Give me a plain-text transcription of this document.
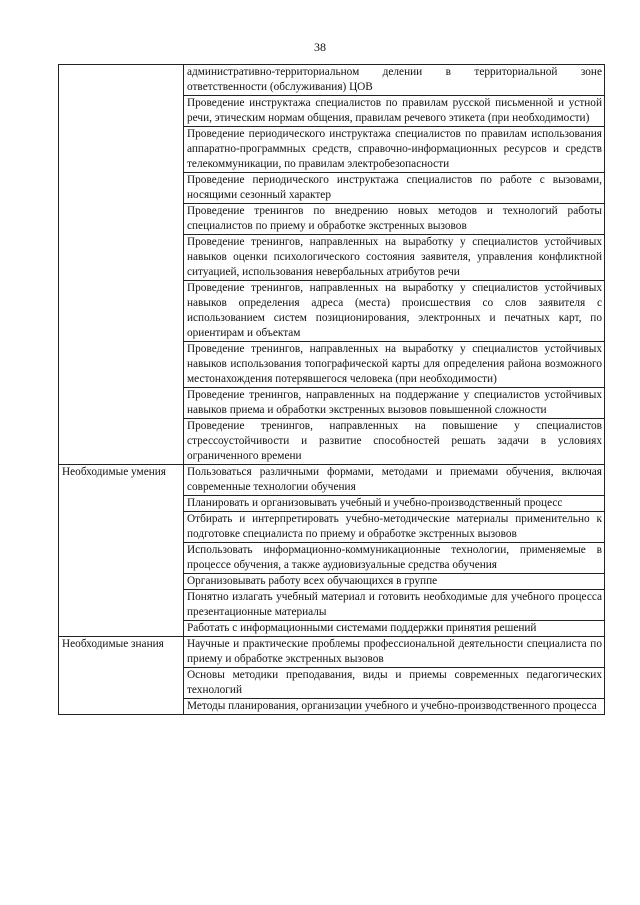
38

	административно-территориальном делении в территориальной зоне ответственности (обслуживания) ЦОВ

	Проведение инструктажа специалистов по правилам русской письменной и устной речи, этическим нормам общения, правилам речевого этикета (при необходимости)

	Проведение периодического инструктажа специалистов по правилам использования аппаратно-программных средств, справочно-информационных ресурсов и средств телекоммуникации, по правилам электробезопасности

	Проведение периодического инструктажа специалистов по работе с вызовами, носящими сезонный характер

	Проведение тренингов по внедрению новых методов и технологий работы специалистов по приему и обработке экстренных вызовов

	Проведение тренингов, направленных на выработку у специалистов устойчивых навыков оценки психологического состояния заявителя, управления конфликтной ситуацией, использования невербальных атрибутов речи

	Проведение тренингов, направленных на выработку у специалистов устойчивых навыков определения адреса (места) происшествия со слов заявителя с использованием систем позиционирования, электронных и печатных карт, по ориентирам и объектам

	Проведение тренингов, направленных на выработку у специалистов устойчивых навыков использования топографической карты для определения района возможного местонахождения потерявшегося человека (при необходимости)

	Проведение тренингов, направленных на поддержание у специалистов устойчивых навыков приема и обработки экстренных вызовов повышенной сложности

	Проведение тренингов, направленных на повышение у специалистов стрессоустойчивости и развитие способностей решать задачи в условиях ограниченного времени

Необходимые умения	Пользоваться различными формами, методами и приемами обучения, включая современные технологии обучения

	Планировать и организовывать учебный и учебно-производственный процесс

	Отбирать и интерпретировать учебно-методические материалы применительно к подготовке специалиста по приему и обработке экстренных вызовов

	Использовать информационно-коммуникационные технологии, применяемые в процессе обучения, а также аудиовизуальные средства обучения

	Организовывать работу всех обучающихся в группе

	Понятно излагать учебный материал и готовить необходимые для учебного процесса презентационные материалы

	Работать с информационными системами поддержки принятия решений

Необходимые знания	Научные и практические проблемы профессиональной деятельности специалиста по приему и обработке экстренных вызовов

	Основы методики преподавания, виды и приемы современных педагогических технологий

	Методы планирования, организации учебного и учебно-производственного процесса
